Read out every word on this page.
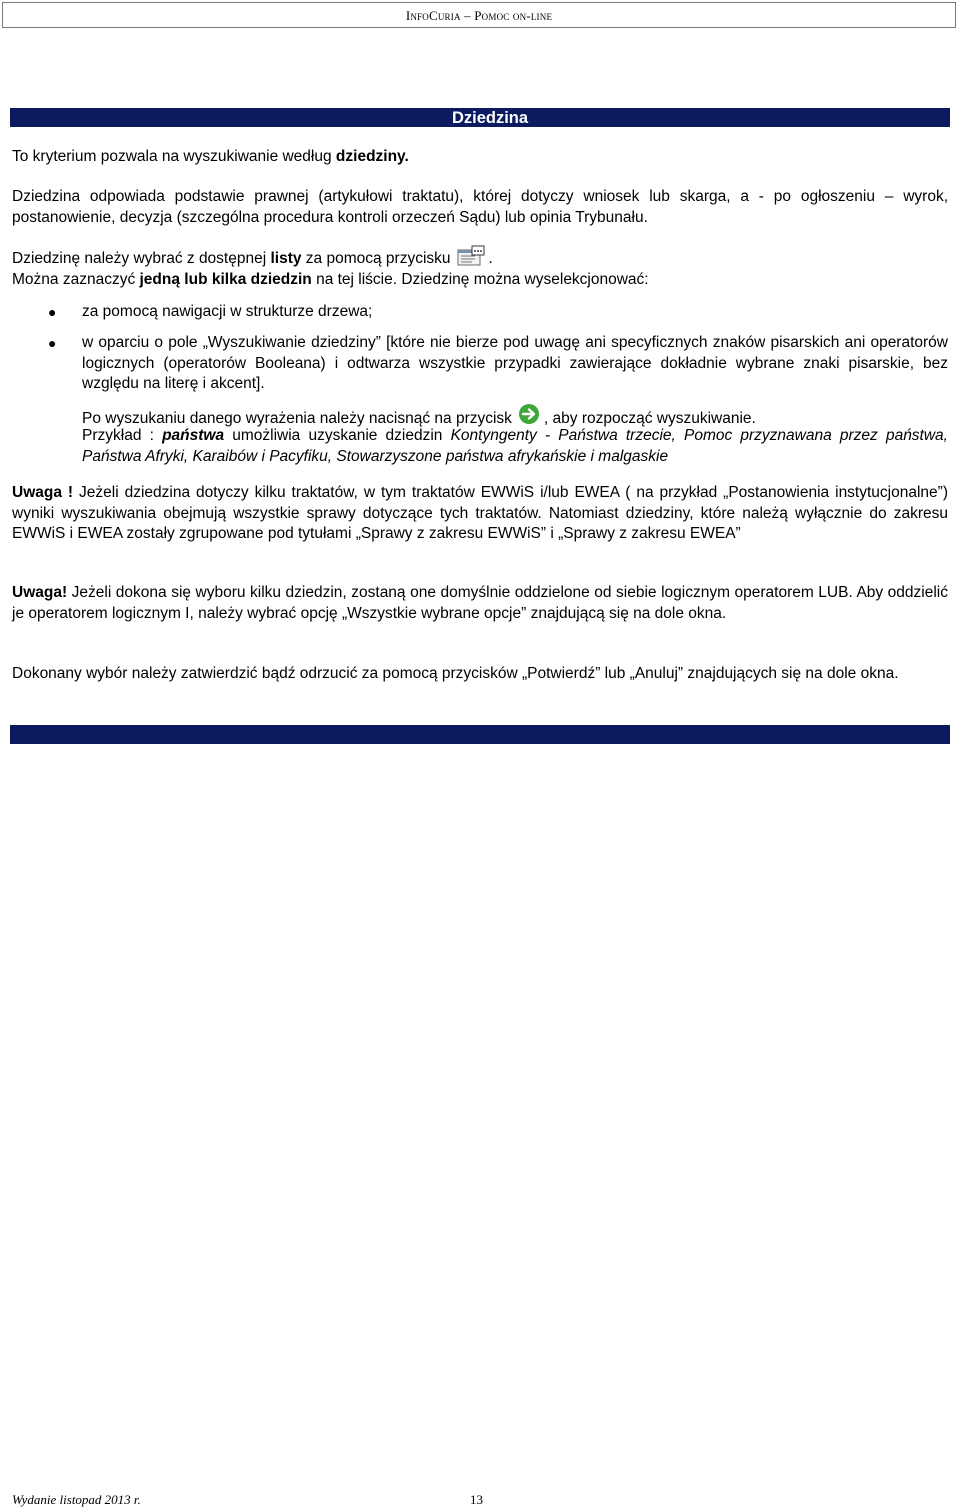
InfoCuria – Pomoc on-line
Dziedzina
To kryterium pozwala na wyszukiwanie według dziedziny.
Dziedzina odpowiada podstawie prawnej (artykułowi traktatu), której dotyczy wniosek lub skarga, a - po ogłoszeniu – wyrok, postanowienie, decyzja (szczególna procedura kontroli orzeczeń Sądu) lub opinia Trybunału.
Dziedzinę należy wybrać z dostępnej listy za pomocą przycisku .
Można zaznaczyć jedną lub kilka dziedzin na tej liście. Dziedzinę można wyselekcjonować:
● za pomocą nawigacji w strukturze drzewa;
● w oparciu o pole „Wyszukiwanie dziedziny” [które nie bierze pod uwagę ani specyficznych znaków pisarskich ani operatorów logicznych (operatorów Booleana) i odtwarza wszystkie przypadki zawierające dokładnie wybrane znaki pisarskie, bez względu na literę i akcent].
Po wyszukaniu danego wyrażenia należy nacisnąć na przycisk , aby rozpocząć wyszukiwanie.
Przykład : państwa umożliwia uzyskanie dziedzin Kontyngenty - Państwa trzecie, Pomoc przyznawana przez państwa, Państwa Afryki, Karaibów i Pacyfiku, Stowarzyszone państwa afrykańskie i malgaskie
Uwaga ! Jeżeli dziedzina dotyczy kilku traktatów, w tym traktatów EWWiS i/lub EWEA ( na przykład „Postanowienia instytucjonalne”) wyniki wyszukiwania obejmują wszystkie sprawy dotyczące tych traktatów. Natomiast dziedziny, które należą wyłącznie do zakresu EWWiS i EWEA zostały zgrupowane pod tytułami „Sprawy z zakresu EWWiS” i „Sprawy z zakresu EWEA”
Uwaga! Jeżeli dokona się wyboru kilku dziedzin, zostaną one domyślnie oddzielone od siebie logicznym operatorem LUB. Aby oddzielić je operatorem logicznym I, należy wybrać opcję „Wszystkie wybrane opcje” znajdującą się na dole okna.
Dokonany wybór należy zatwierdzić bądź odrzucić za pomocą przycisków „Potwierdź” lub „Anuluj” znajdujących się na dole okna.
Wydanie listopad 2013 r.	13
